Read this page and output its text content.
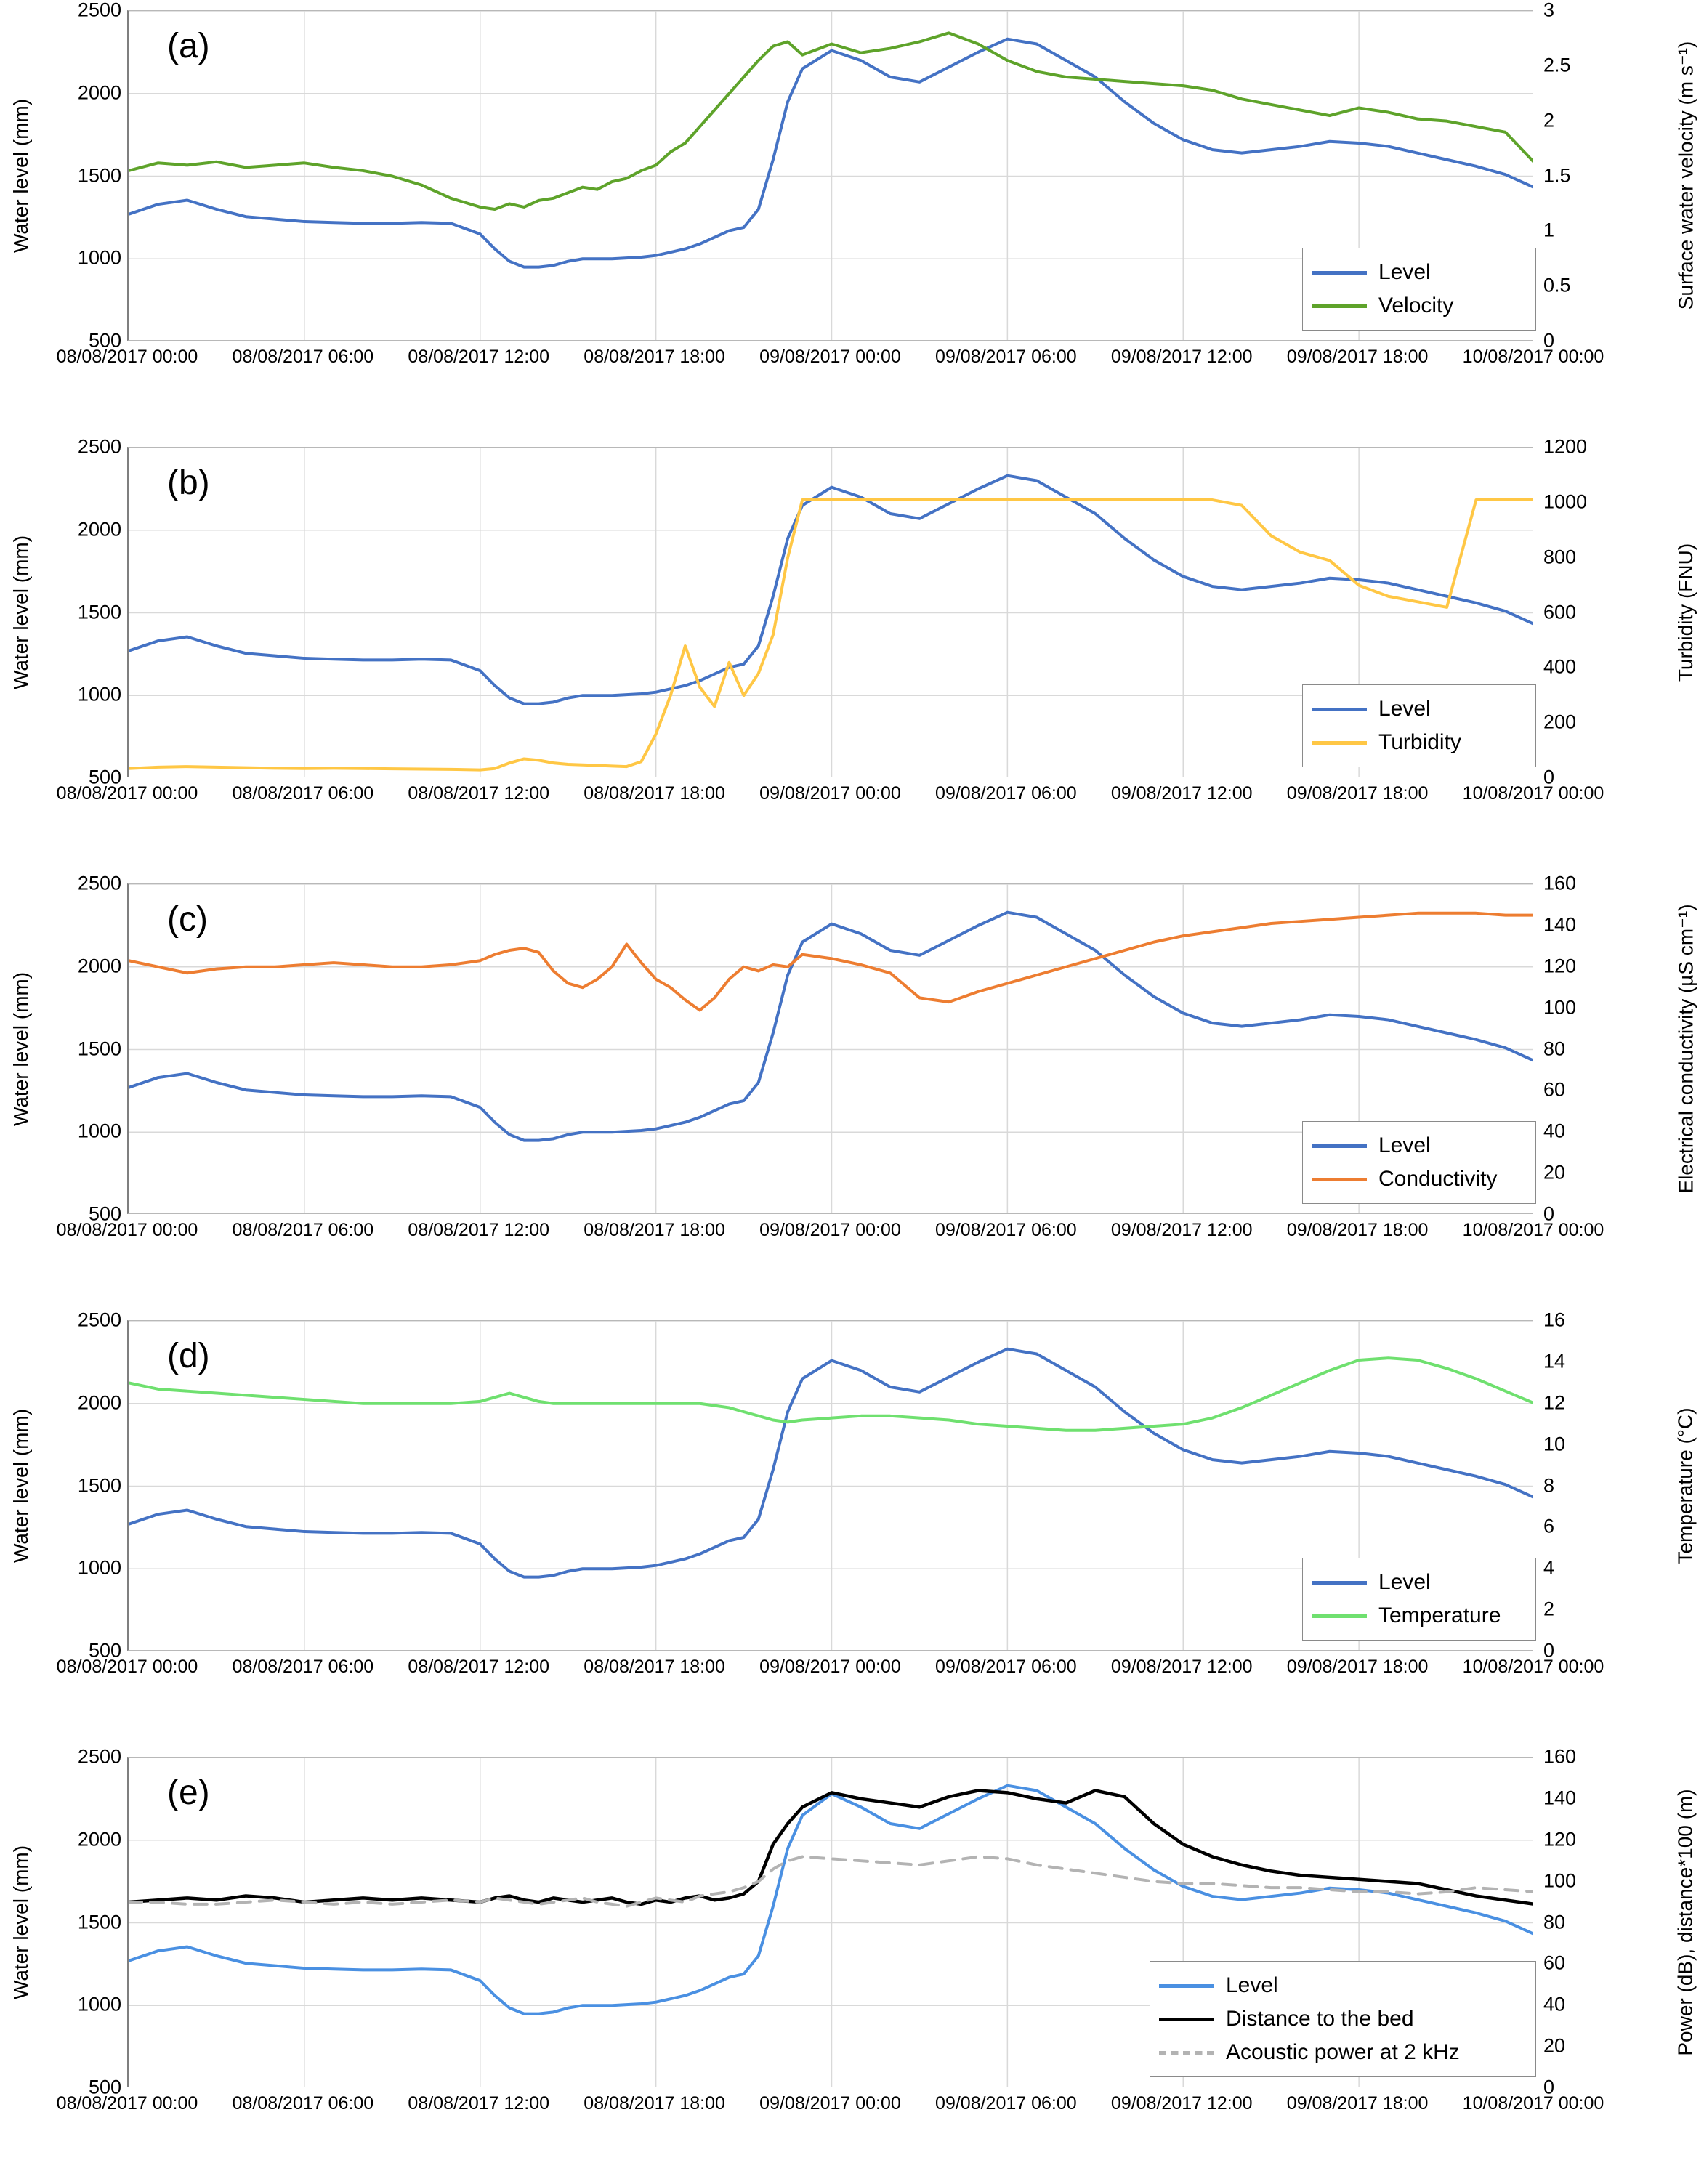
Water level (mm)	Surface water velocity (m s⁻¹)
500
1000
1500
2000
2500
0
0.5
1
1.5
2
2.5
3
08/08/2017 00:00 08/08/2017 06:00 08/08/2017 12:00 08/08/2017 18:00 09/08/2017 00:00 09/08/2017 06:00 09/08/2017 12:00 09/08/2017 18:00 10/08/2017 00:00
(a)
Level
Velocity
Water level (mm)	Turbidity (FNU)
500
1000
1500
2000
2500
0
200
400
600
800
1000
1200
08/08/2017 00:00 08/08/2017 06:00 08/08/2017 12:00 08/08/2017 18:00 09/08/2017 00:00 09/08/2017 06:00 09/08/2017 12:00 09/08/2017 18:00 10/08/2017 00:00
(b)
Level
Turbidity
Water level (mm)	Electrical conductivity (µS cm⁻¹)
500
1000
1500
2000
2500
0
20
40
60
80
100
120
140
160
08/08/2017 00:00 08/08/2017 06:00 08/08/2017 12:00 08/08/2017 18:00 09/08/2017 00:00 09/08/2017 06:00 09/08/2017 12:00 09/08/2017 18:00 10/08/2017 00:00
(c)
Level
Conductivity
Water level (mm)	Temperature (°C)
500
1000
1500
2000
2500
0
2
4
6
8
10
12
14
16
08/08/2017 00:00 08/08/2017 06:00 08/08/2017 12:00 08/08/2017 18:00 09/08/2017 00:00 09/08/2017 06:00 09/08/2017 12:00 09/08/2017 18:00 10/08/2017 00:00
(d)
Level
Temperature
Water level (mm)	Power (dB), distance*100 (m)
500
1000
1500
2000
2500
0
20
40
60
80
100
120
140
160
08/08/2017 00:00 08/08/2017 06:00 08/08/2017 12:00 08/08/2017 18:00 09/08/2017 00:00 09/08/2017 06:00 09/08/2017 12:00 09/08/2017 18:00 10/08/2017 00:00
(e)
Level
Distance to the bed
Acoustic power at 2 kHz
